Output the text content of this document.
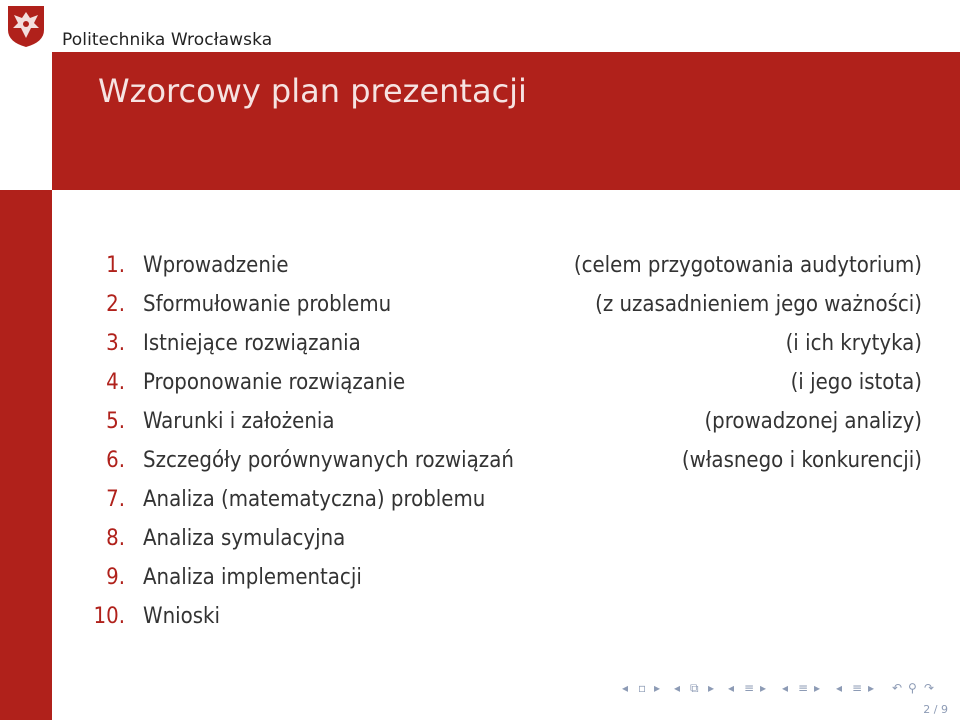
Politechnika Wrocławska
Wzorcowy plan prezentacji
1. Wprowadzenie	(celem przygotowania audytorium)
2. Sformułowanie problemu	(z uzasadnieniem jego ważności)
3. Istniejące rozwiązania	(i ich krytyka)
4. Proponowanie rozwiązanie	(i jego istota)
5. Warunki i założenia	(prowadzonej analizy)
6. Szczegóły porównywanych rozwiązań	(własnego i konkurencji)
7. Analiza (matematyczna) problemu
8. Analiza symulacyjna
9. Analiza implementacji
10. Wnioski
◂ ▫ ▸ ◂ ⧉ ▸ ◂ ≡ ▸ ◂ ≡ ▸ ◂ ≡ ▸ ↶ ⚲ ↷
2 / 9
